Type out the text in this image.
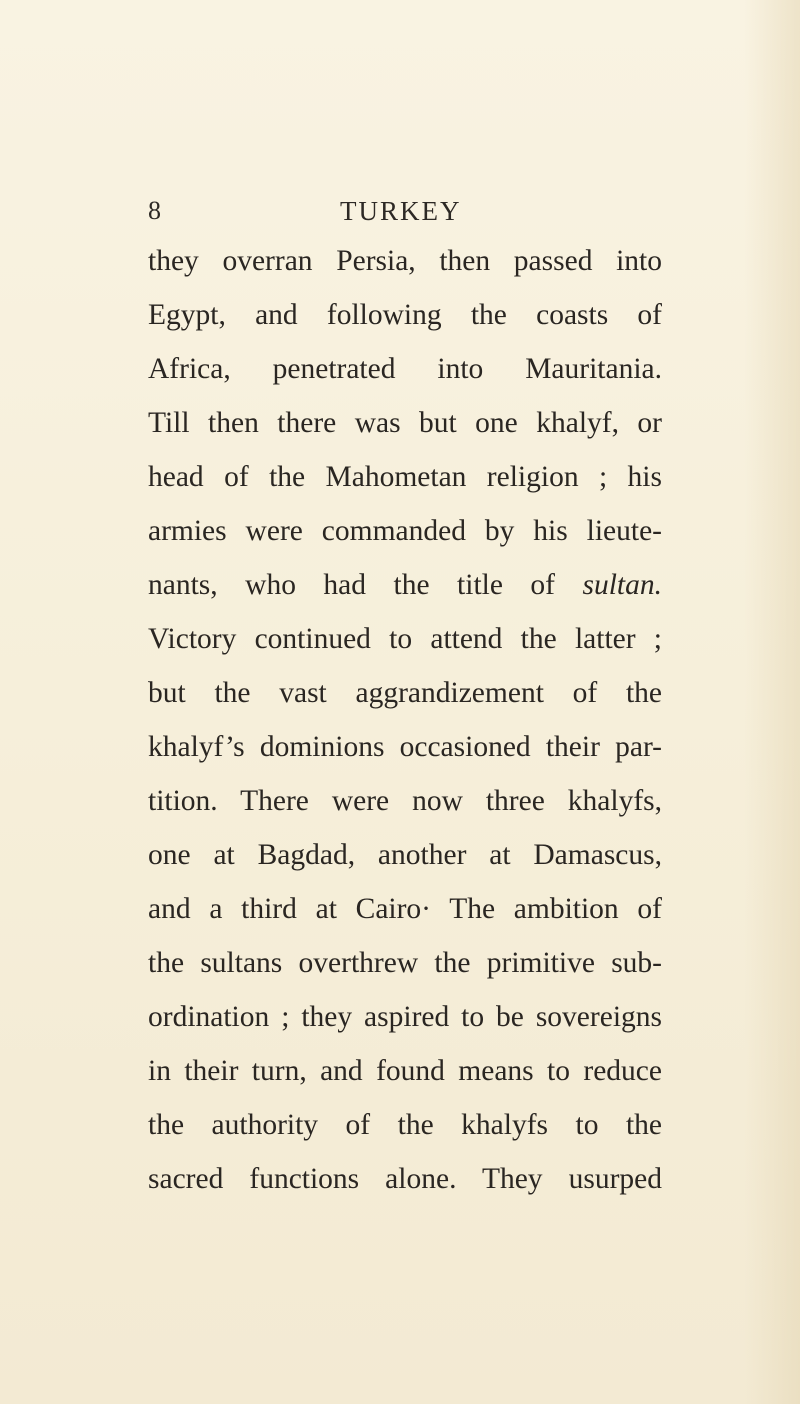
8	TURKEY
they overran Persia, then passed into
Egypt, and following the coasts of
Africa, penetrated into Mauritania.
Till then there was but one khalyf, or
head of the Mahometan religion ; his
armies were commanded by his lieute-
nants, who had the title of sultan.
Victory continued to attend the latter ;
but the vast aggrandizement of the
khalyf’s dominions occasioned their par-
tition. There were now three khalyfs,
one at Bagdad, another at Damascus,
and a third at Cairo· The ambition of
the sultans overthrew the primitive sub-
ordination ; they aspired to be sovereigns
in their turn, and found means to reduce
the authority of the khalyfs to the
sacred functions alone. They usurped
